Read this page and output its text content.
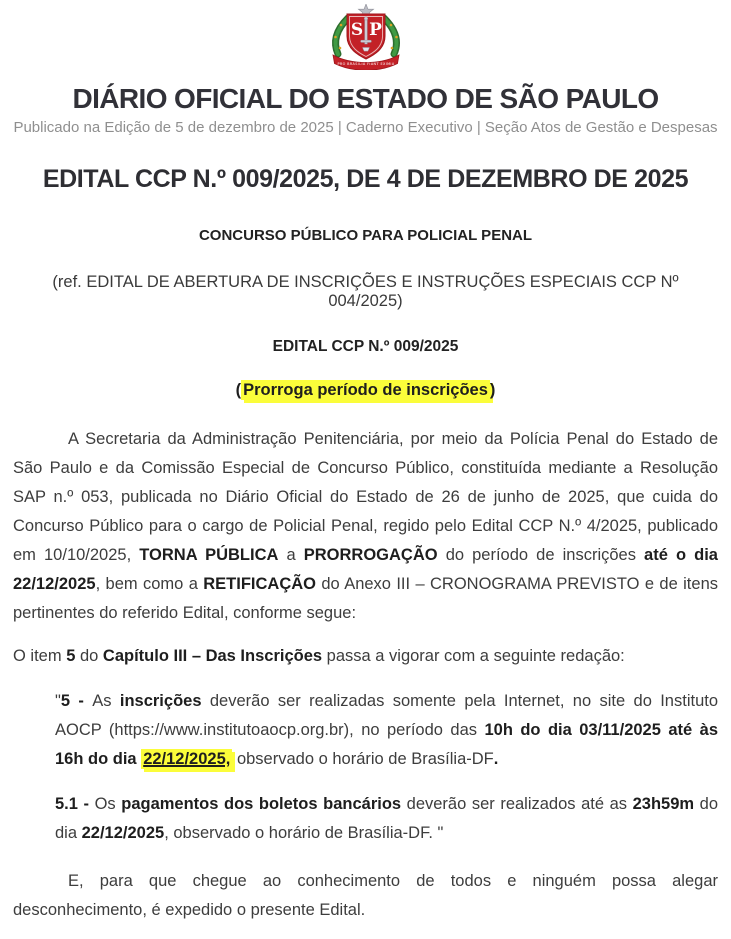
S P
PRO BRASILIA FIANT EXIMIA
DIÁRIO OFICIAL DO ESTADO DE SÃO PAULO
Publicado na Edição de 5 de dezembro de 2025 | Caderno Executivo | Seção Atos de Gestão e Despesas
EDITAL CCP N.º 009/2025, DE 4 DE DEZEMBRO DE 2025
CONCURSO PÚBLICO PARA POLICIAL PENAL
(ref. EDITAL DE ABERTURA DE INSCRIÇÕES E INSTRUÇÕES ESPECIAIS CCP Nº 004/2025)
EDITAL CCP N.º 009/2025
( Prorroga período de inscrições )
A Secretaria da Administração Penitenciária, por meio da Polícia Penal do Estado de São Paulo e da Comissão Especial de Concurso Público, constituída mediante a Resolução SAP n.º 053, publicada no Diário Oficial do Estado de 26 de junho de 2025, que cuida do Concurso Público para o cargo de Policial Penal, regido pelo Edital CCP N.º 4/2025, publicado em 10/10/2025, TORNA PÚBLICA a PRORROGAÇÃO do período de inscrições até o dia 22/12/2025, bem como a RETIFICAÇÃO do Anexo III – CRONOGRAMA PREVISTO e de itens pertinentes do referido Edital, conforme segue:
O item 5 do Capítulo III – Das Inscrições passa a vigorar com a seguinte redação:
"5 - As inscrições deverão ser realizadas somente pela Internet, no site do Instituto AOCP (https://www.institutoaocp.org.br), no período das 10h do dia 03/11/2025 até às 16h do dia 22/12/2025, observado o horário de Brasília-DF.
5.1 - Os pagamentos dos boletos bancários deverão ser realizados até as 23h59m do dia 22/12/2025, observado o horário de Brasília-DF. "
E, para que chegue ao conhecimento de todos e ninguém possa alegar desconhecimento, é expedido o presente Edital.
